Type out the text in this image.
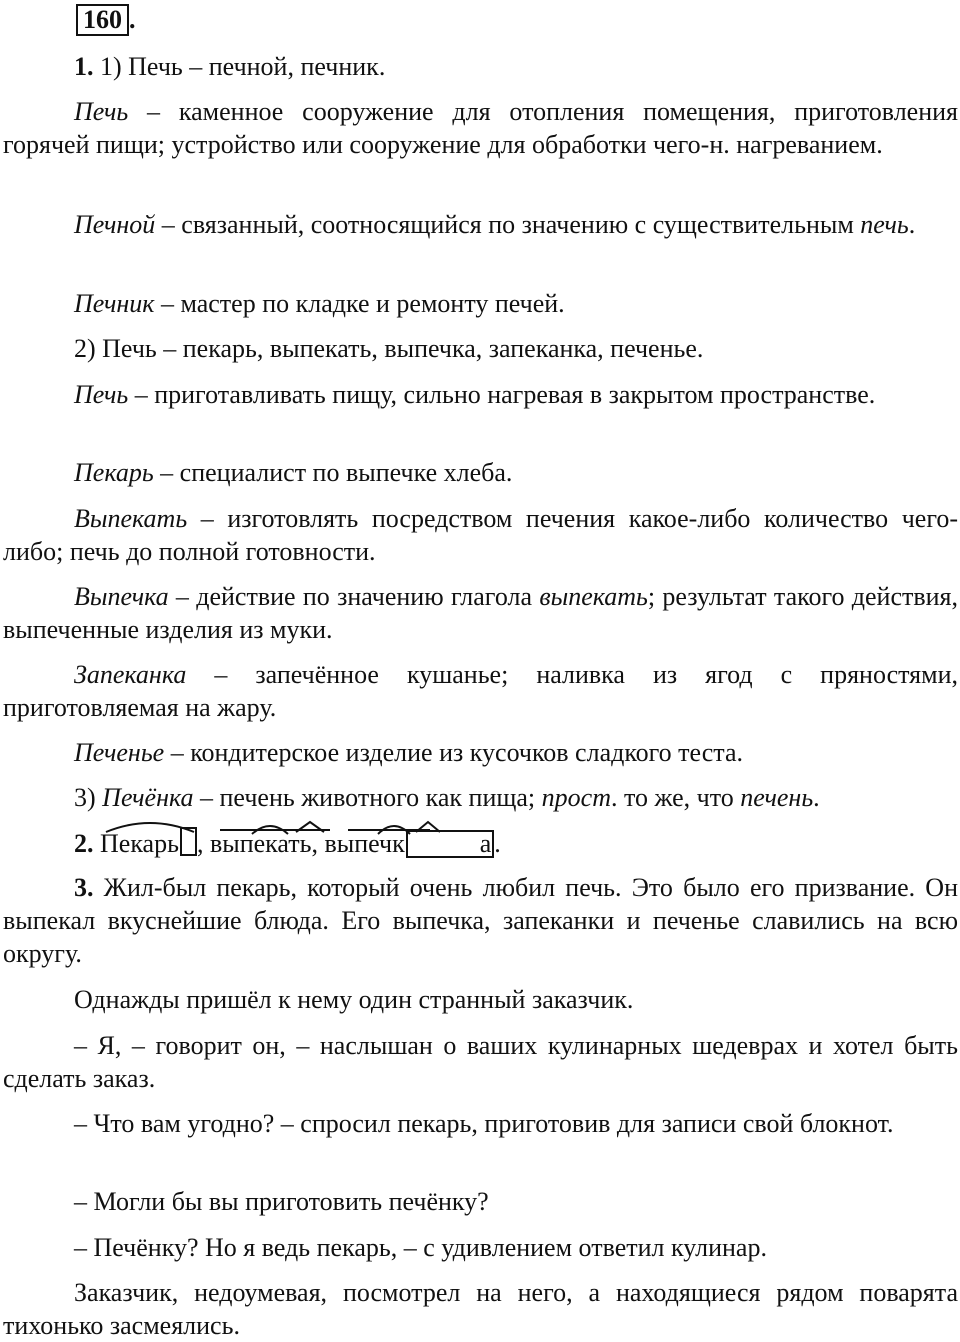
160 .

1. 1) Печь – печной, печник.

Печь – каменное сооружение для отопления помещения, приготовления горячей пищи; устройство или сооружение для обработки чего-н. нагреванием.

Печной – связанный, соотносящийся по значению с существительным печь.

Печник – мастер по кладке и ремонту печей.

2) Печь – пекарь, выпекать, выпечка, запеканка, печенье.

Печь – приготавливать пищу, сильно нагревая в закрытом пространстве.

Пекарь – специалист по выпечке хлеба.

Выпекать – изготовлять посредством печения какое-либо количество чего-либо; печь до полной готовности.

Выпечка – действие по значению глагола выпекать; результат такого действия, выпеченные изделия из муки.

Запеканка – запечённое кушанье; наливка из ягод с пряностями, приготовляемая на жару.

Печенье – кондитерское изделие из кусочков сладкого теста.

3) Печёнка – печень животного как пища; прост. то же, что печень.

2. Пекарь , выпекать, выпечк	а .

3. Жил-был пекарь, который очень любил печь. Это было его призвание. Он выпекал вкуснейшие блюда. Его выпечка, запеканки и печенье славились на всю округу.

Однажды пришёл к нему один странный заказчик.

– Я, – говорит он, – наслышан о ваших кулинарных шедеврах и хотел быть сделать заказ.

– Что вам угодно? – спросил пекарь, приготовив для записи свой блокнот.

– Могли бы вы приготовить печёнку?

– Печёнку? Но я ведь пекарь, – с удивлением ответил кулинар.

Заказчик, недоумевая, посмотрел на него, а находящиеся рядом поварята тихонько засмеялись.
